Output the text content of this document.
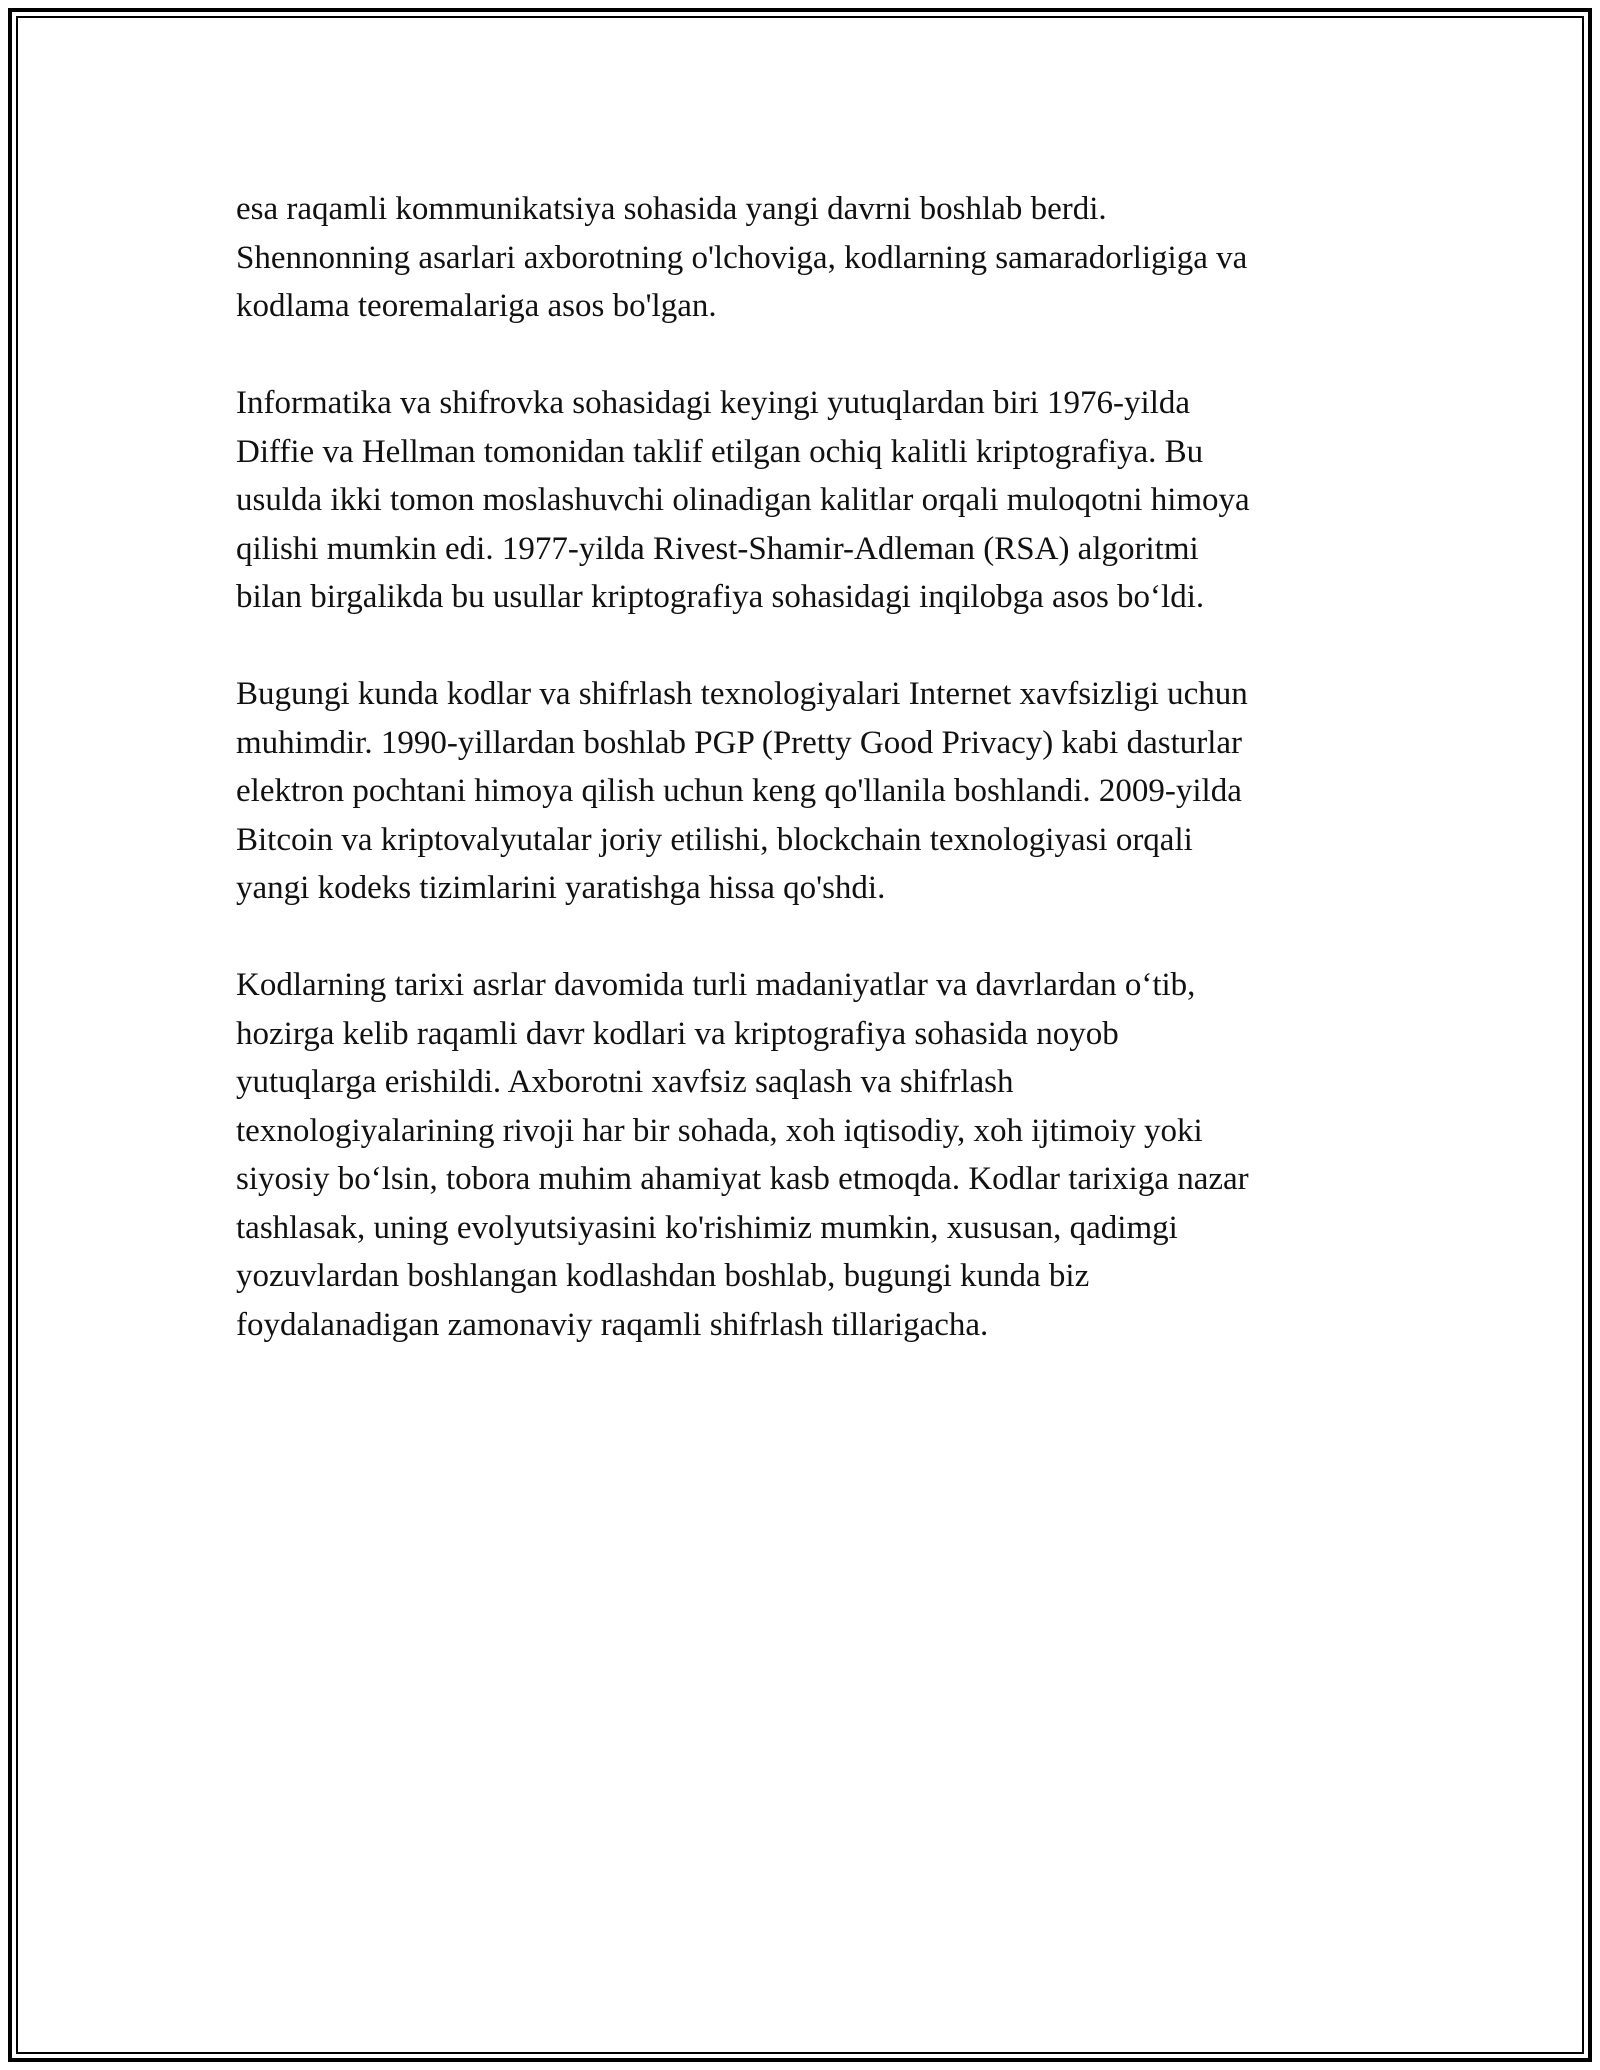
esa raqamli kommunikatsiya sohasida yangi davrni boshlab berdi.
Shennonning asarlari axborotning o'lchoviga, kodlarning samaradorligiga va
kodlama teoremalariga asos bo'lgan.

Informatika va shifrovka sohasidagi keyingi yutuqlardan biri 1976-yilda
Diffie va Hellman tomonidan taklif etilgan ochiq kalitli kriptografiya. Bu
usulda ikki tomon moslashuvchi olinadigan kalitlar orqali muloqotni himoya
qilishi mumkin edi. 1977-yilda Rivest-Shamir-Adleman (RSA) algoritmi
bilan birgalikda bu usullar kriptografiya sohasidagi inqilobga asos bo‘ldi.

Bugungi kunda kodlar va shifrlash texnologiyalari Internet xavfsizligi uchun
muhimdir. 1990-yillardan boshlab PGP (Pretty Good Privacy) kabi dasturlar
elektron pochtani himoya qilish uchun keng qo'llanila boshlandi. 2009-yilda
Bitcoin va kriptovalyutalar joriy etilishi, blockchain texnologiyasi orqali
yangi kodeks tizimlarini yaratishga hissa qo'shdi.

Kodlarning tarixi asrlar davomida turli madaniyatlar va davrlardan o‘tib,
hozirga kelib raqamli davr kodlari va kriptografiya sohasida noyob
yutuqlarga erishildi. Axborotni xavfsiz saqlash va shifrlash
texnologiyalarining rivoji har bir sohada, xoh iqtisodiy, xoh ijtimoiy yoki
siyosiy bo‘lsin, tobora muhim ahamiyat kasb etmoqda. Kodlar tarixiga nazar
tashlasak, uning evolyutsiyasini ko'rishimiz mumkin, xususan, qadimgi
yozuvlardan boshlangan kodlashdan boshlab, bugungi kunda biz
foydalanadigan zamonaviy raqamli shifrlash tillarigacha.
